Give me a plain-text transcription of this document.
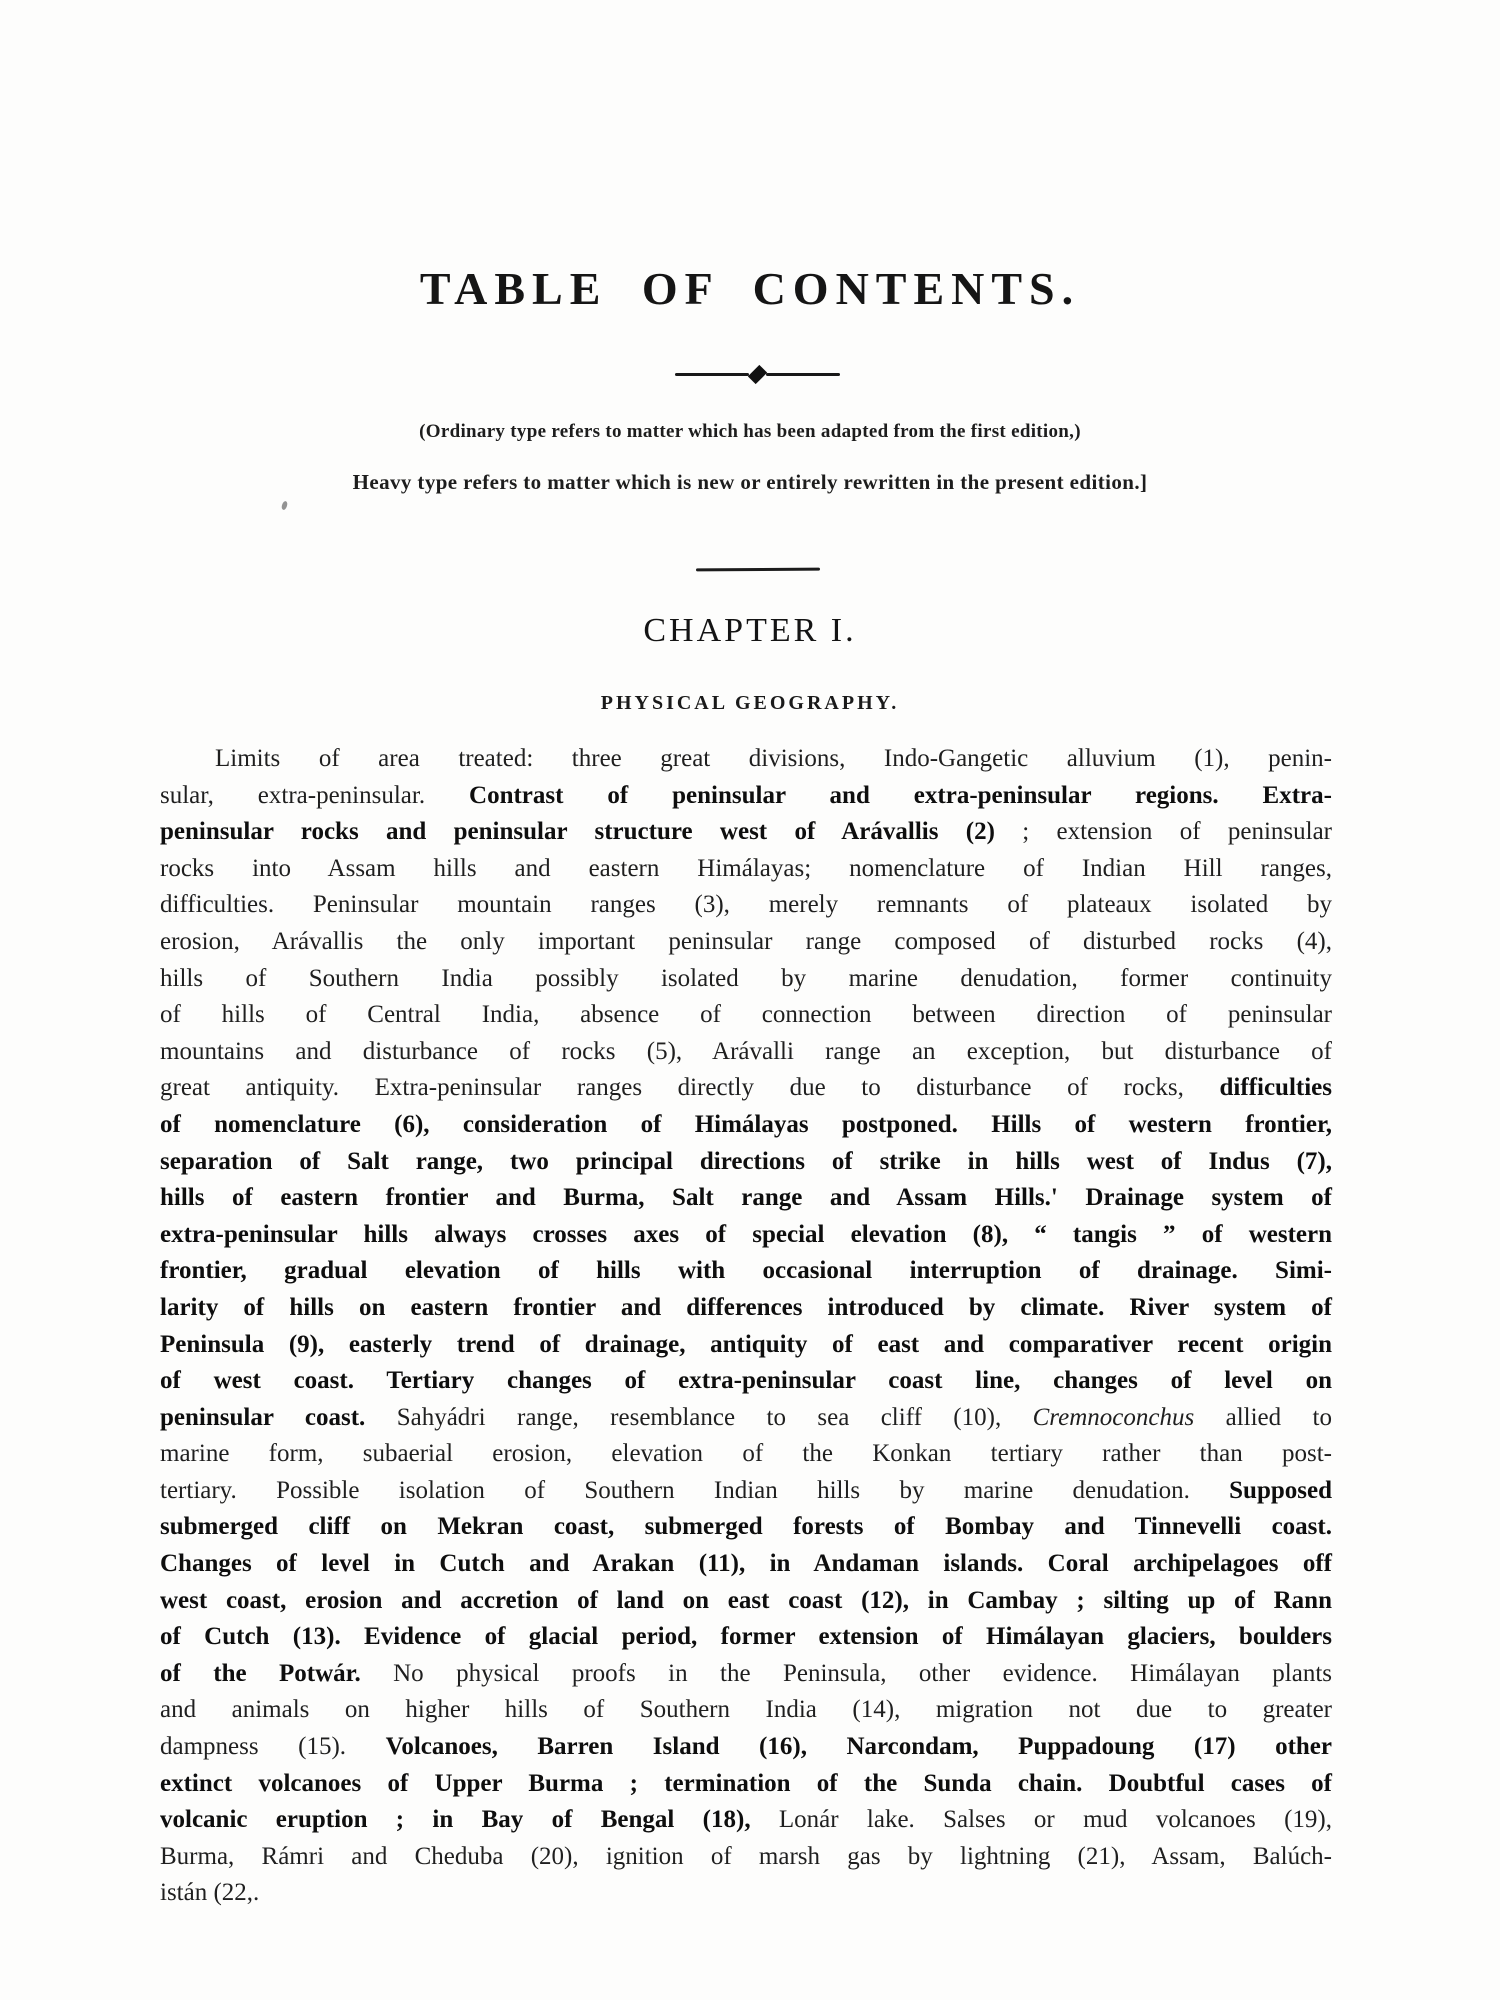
TABLE OF CONTENTS.

(Ordinary type refers to matter which has been adapted from the first edition,)

Heavy type refers to matter which is new or entirely rewritten in the present edition.]

CHAPTER I.
PHYSICAL GEOGRAPHY.
Limits of area treated: three great divisions, Indo-Gangetic alluvium (1), penin-
sular, extra-peninsular. Contrast of peninsular and extra-peninsular regions. Extra-
peninsular rocks and peninsular structure west of Arávallis (2) ; extension of peninsular
rocks into Assam hills and eastern Himálayas; nomenclature of Indian Hill ranges,
difficulties. Peninsular mountain ranges (3), merely remnants of plateaux isolated by
erosion, Arávallis the only important peninsular range composed of disturbed rocks (4),
hills of Southern India possibly isolated by marine denudation, former continuity
of hills of Central India, absence of connection between direction of peninsular
mountains and disturbance of rocks (5), Arávalli range an exception, but disturbance of
great antiquity. Extra-peninsular ranges directly due to disturbance of rocks, difficulties
of nomenclature (6), consideration of Himálayas postponed. Hills of western frontier,
separation of Salt range, two principal directions of strike in hills west of Indus (7),
hills of eastern frontier and Burma, Salt range and Assam Hills.' Drainage system of
extra-peninsular hills always crosses axes of special elevation (8), “ tangis ” of western
frontier, gradual elevation of hills with occasional interruption of drainage. Simi-
larity of hills on eastern frontier and differences introduced by climate. River system of
Peninsula (9), easterly trend of drainage, antiquity of east and comparativer recent origin
of west coast. Tertiary changes of extra-peninsular coast line, changes of level on
peninsular coast. Sahyádri range, resemblance to sea cliff (10), Cremnoconchus allied to
marine form, subaerial erosion, elevation of the Konkan tertiary rather than post-
tertiary. Possible isolation of Southern Indian hills by marine denudation. Supposed
submerged cliff on Mekran coast, submerged forests of Bombay and Tinnevelli coast.
Changes of level in Cutch and Arakan (11), in Andaman islands. Coral archipelagoes off
west coast, erosion and accretion of land on east coast (12), in Cambay ; silting up of Rann
of Cutch (13). Evidence of glacial period, former extension of Himálayan glaciers, boulders
of the Potwár. No physical proofs in the Peninsula, other evidence. Himálayan plants
and animals on higher hills of Southern India (14), migration not due to greater
dampness (15). Volcanoes, Barren Island (16), Narcondam, Puppadoung (17) other
extinct volcanoes of Upper Burma ; termination of the Sunda chain. Doubtful cases of
volcanic eruption ; in Bay of Bengal (18), Lonár lake. Salses or mud volcanoes (19),
Burma, Rámri and Cheduba (20), ignition of marsh gas by lightning (21), Assam, Balúch-
istán (22,.
